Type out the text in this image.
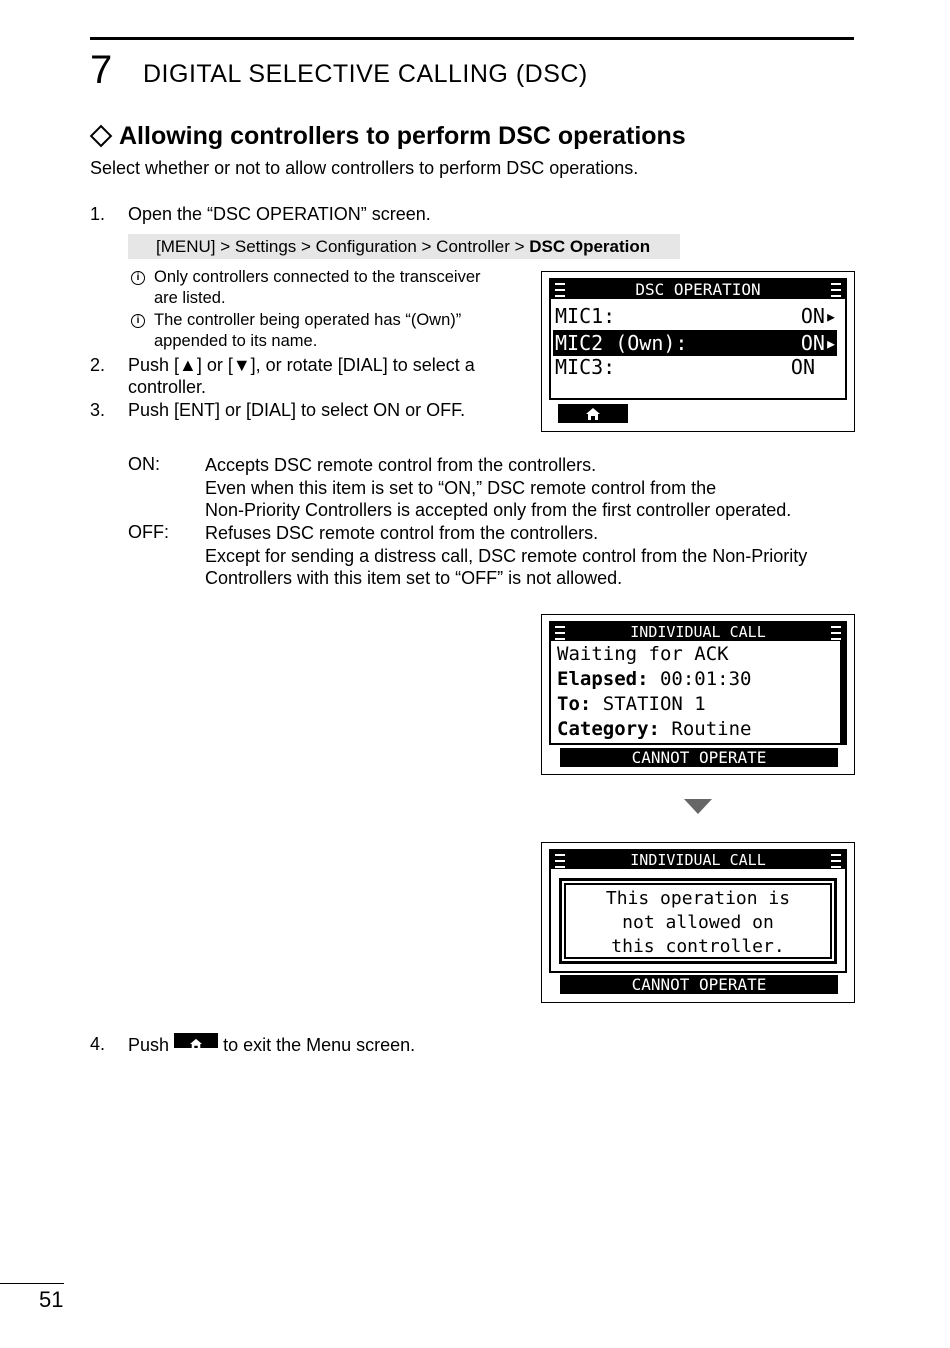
7 DIGITAL SELECTIVE CALLING (DSC)
Allowing controllers to perform DSC operations
Select whether or not to allow controllers to perform DSC operations.
1. Open the “DSC OPERATION” screen.
[MENU] > Settings > Configuration > Controller > DSC Operation
i Only controllers connected to the transceiver
are listed.
i The controller being operated has “(Own)”
appended to its name.
2. Push [▲] or [▼], or rotate [DIAL] to select a
controller.
3. Push [ENT] or [DIAL] to select ON or OFF.
DSC OPERATION
MIC1:	ON▸
MIC2 (Own):	ON▸
MIC3:	ON
ON: Accepts DSC remote control from the controllers.
Even when this item is set to “ON,” DSC remote control from the
Non-Priority Controllers is accepted only from the first controller operated.
OFF: Refuses DSC remote control from the controllers.
Except for sending a distress call, DSC remote control from the Non-Priority
Controllers with this item set to “OFF” is not allowed.
INDIVIDUAL CALL
Waiting for ACK
Elapsed: 00:01:30
To: STATION 1
Category: Routine
CANNOT OPERATE
INDIVIDUAL CALL
This operation is
not allowed on
this controller.
CANNOT OPERATE
4. Push	to exit the Menu screen.
51
